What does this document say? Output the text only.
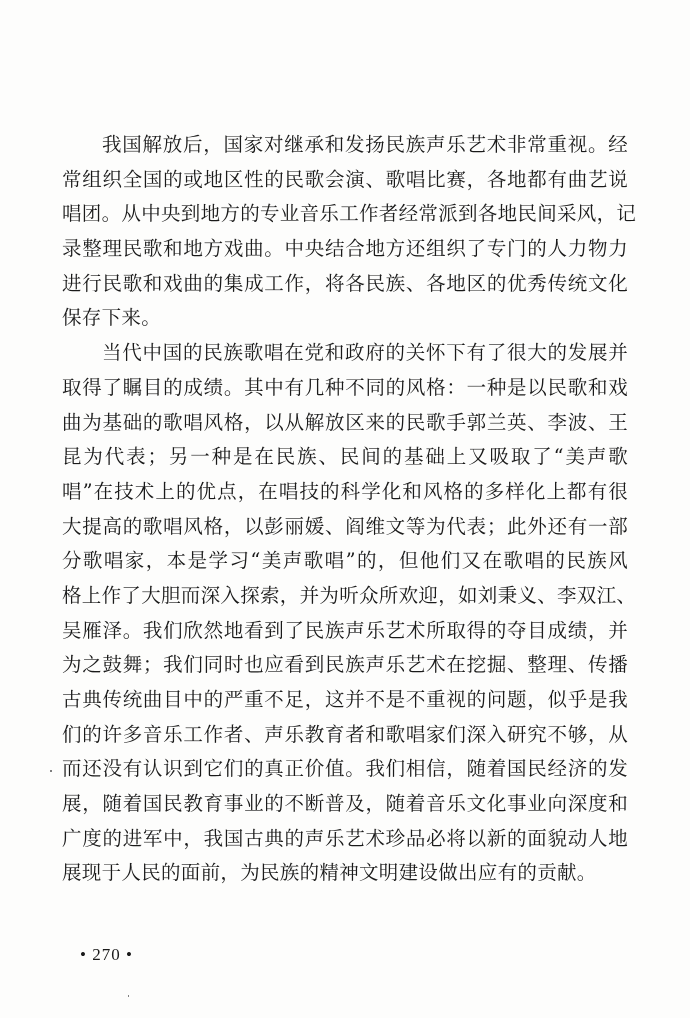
我国解放后，国家对继承和发扬民族声乐艺术非常重视。经
常组织全国的或地区性的民歌会演、歌唱比赛，各地都有曲艺说
唱团。从中央到地方的专业音乐工作者经常派到各地民间采风，记
录整理民歌和地方戏曲。中央结合地方还组织了专门的人力物力
进行民歌和戏曲的集成工作，将各民族、各地区的优秀传统文化
保存下来。
当代中国的民族歌唱在党和政府的关怀下有了很大的发展并
取得了瞩目的成绩。其中有几种不同的风格：一种是以民歌和戏
曲为基础的歌唱风格，以从解放区来的民歌手郭兰英、李波、王
昆为代表；另一种是在民族、民间的基础上又吸取了“美声歌
唱”在技术上的优点，在唱技的科学化和风格的多样化上都有很
大提高的歌唱风格，以彭丽媛、阎维文等为代表；此外还有一部
分歌唱家，本是学习“美声歌唱”的，但他们又在歌唱的民族风
格上作了大胆而深入探索，并为听众所欢迎，如刘秉义、李双江、
吴雁泽。我们欣然地看到了民族声乐艺术所取得的夺目成绩，并
为之鼓舞；我们同时也应看到民族声乐艺术在挖掘、整理、传播
古典传统曲目中的严重不足，这并不是不重视的问题，似乎是我
们的许多音乐工作者、声乐教育者和歌唱家们深入研究不够，从
而还没有认识到它们的真正价值。我们相信，随着国民经济的发
展，随着国民教育事业的不断普及，随着音乐文化事业向深度和
广度的进军中，我国古典的声乐艺术珍品必将以新的面貌动人地
展现于人民的面前，为民族的精神文明建设做出应有的贡献。
• 270 •
